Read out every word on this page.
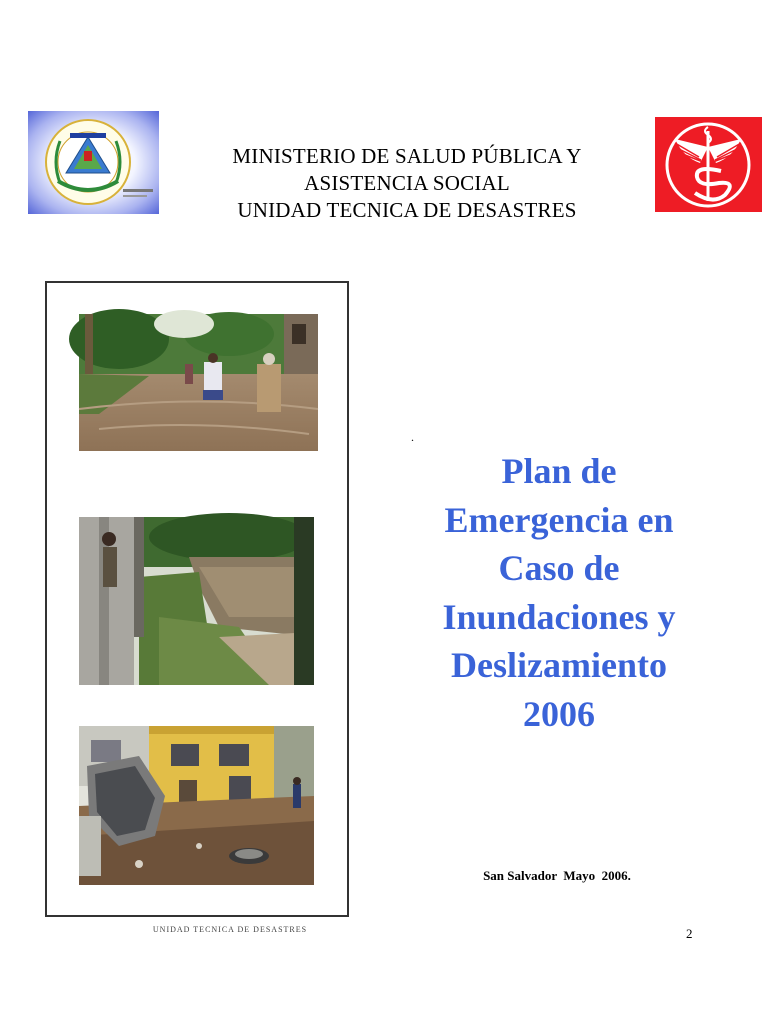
MINISTERIO DE SALUD PÚBLICA Y
ASISTENCIA SOCIAL
UNIDAD TECNICA DE DESASTRES
UNIDAD TECNICA DE DESASTRES
.
Plan de
Emergencia en
Caso de
Inundaciones y
Deslizamiento
2006
San Salvador  Mayo  2006.
2
